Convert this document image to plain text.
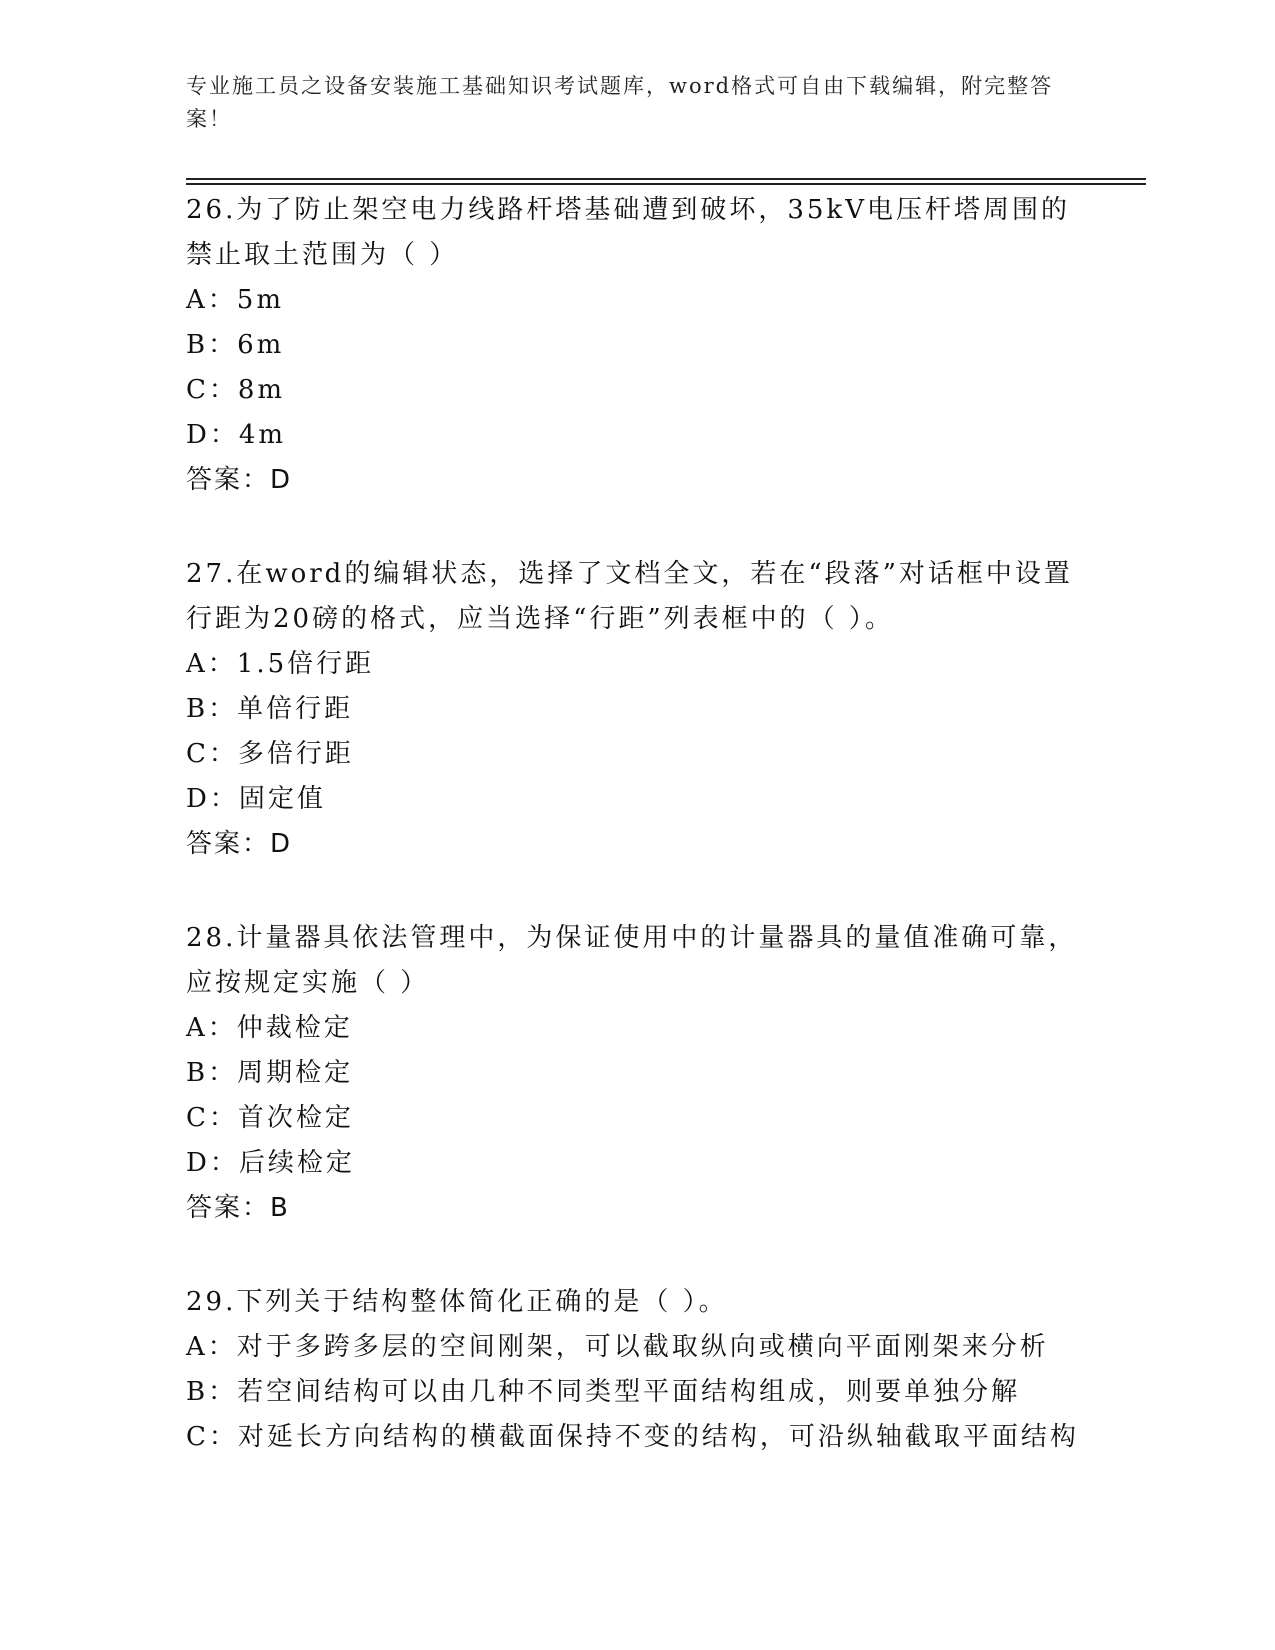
专业施工员之设备安装施工基础知识考试题库，word格式可自由下载编辑，附完整答案！

26.为了防止架空电力线路杆塔基础遭到破坏，35kV电压杆塔周围的禁止取土范围为（ ）

A：5m

B：6m

C：8m

D：4m

答案：D

27.在word的编辑状态，选择了文档全文，若在“段落”对话框中设置行距为20磅的格式，应当选择“行距”列表框中的（ ）。

A：1.5倍行距

B：单倍行距

C：多倍行距

D：固定值

答案：D

28.计量器具依法管理中，为保证使用中的计量器具的量值准确可靠，应按规定实施（ ）

A：仲裁检定

B：周期检定

C：首次检定

D：后续检定

答案：B

29.下列关于结构整体简化正确的是（ ）。

A：对于多跨多层的空间刚架，可以截取纵向或横向平面刚架来分析

B：若空间结构可以由几种不同类型平面结构组成，则要单独分解

C：对延长方向结构的横截面保持不变的结构，可沿纵轴截取平面结构
